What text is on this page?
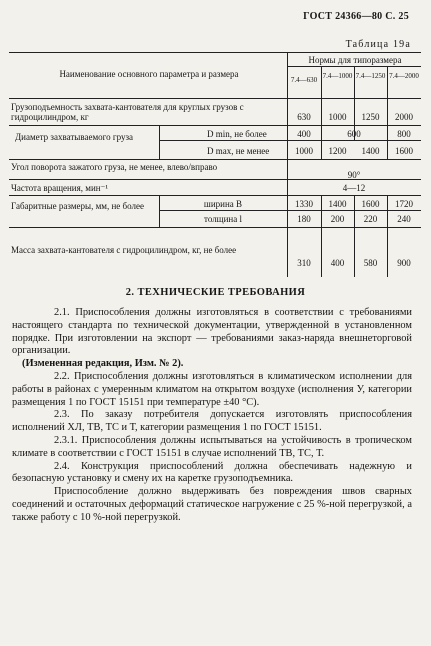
ГОСТ 24366—80 С. 25
Таблица 19а
Наименование основного параметра и размера
Нормы для типоразмера
7.4—630 7.4—1000 7.4—1250 7.4—2000
Грузоподъемность захвата-кантователя для круглых грузов с гидроцилиндром, кг	630	1000	1250	2000
Диаметр захватываемого груза	D min, не более	400	600	800
D max, не менее	1000	1200	1400	1600
Угол поворота зажатого груза, не менее, влево/вправо
90°
Частота вращения, мин⁻¹	4—12
Габаритные размеры, мм, не более	ширина B	1330	1400	1600	1720
толщина l	180	200	220	240
Масса захвата-кантователя с гидроцилиндром, кг, не более
310	400	580	900
2. ТЕХНИЧЕСКИЕ ТРЕБОВАНИЯ

2.1. Приспособления должны изготовляться в соответствии с требованиями настоящего стандарта по технической документации, утвержденной в установленном порядке. При изготовлении на экспорт — требованиями заказ-наряда внешнеторговой организации.

(Измененная редакция, Изм. № 2).

2.2. Приспособления должны изготовляться в климатическом исполнении для работы в районах с умеренным климатом на открытом воздухе (исполнения У, категории размещения 1 по ГОСТ 15151 при температуре ±40 °С).

2.3. По заказу потребителя допускается изготовлять приспособления исполнений ХЛ, ТВ, ТС и Т, категории размещения 1 по ГОСТ 15151.

2.3.1. Приспособления должны испытываться на устойчивость в тропическом климате в соответствии с ГОСТ 15151 в случае исполнений ТВ, ТС, Т.

2.4. Конструкция приспособлений должна обеспечивать надежную и безопасную установку и смену их на каретке грузоподъемника.

Приспособление должно выдерживать без повреждения швов сварных соединений и остаточных деформаций статическое нагружение с 25 %-ной перегрузкой, а также работу с 10 %-ной перегрузкой.
